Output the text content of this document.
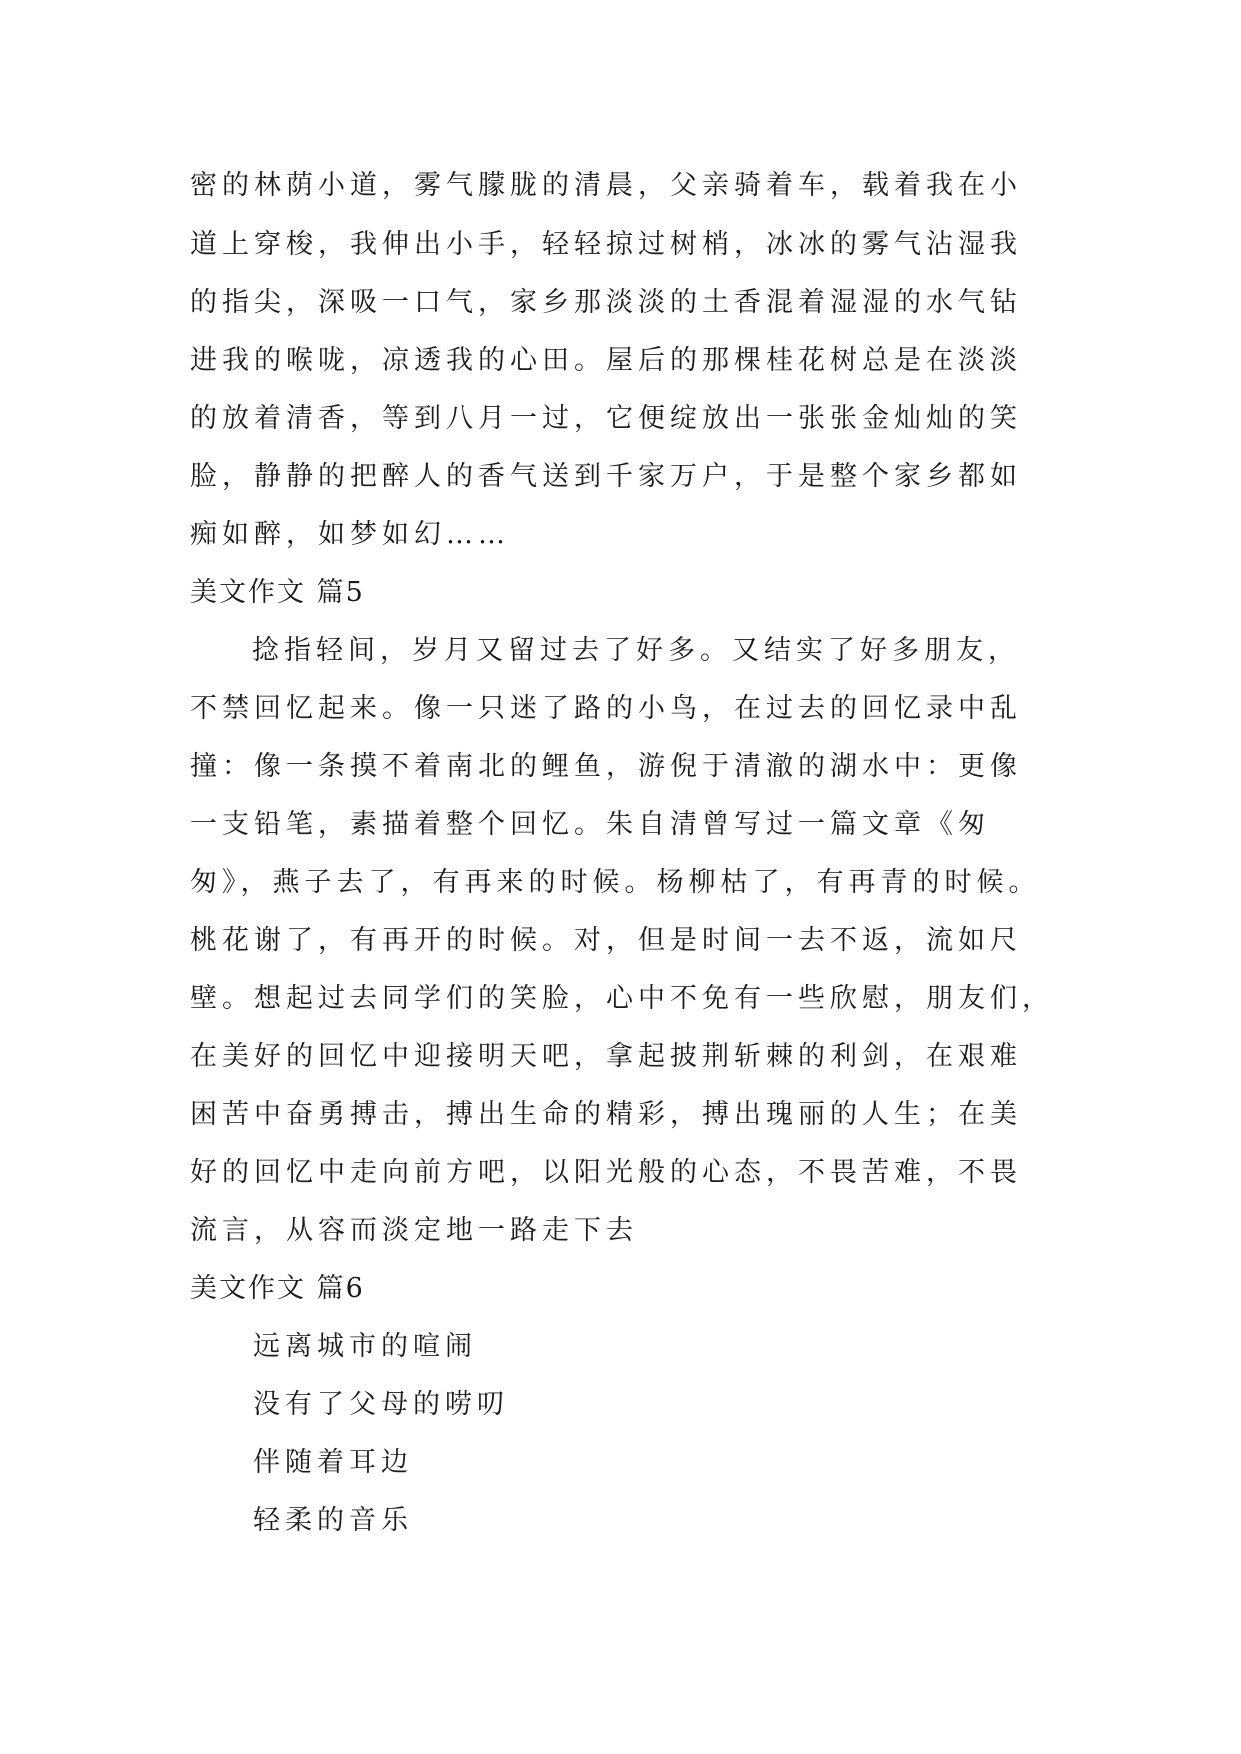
密的林荫小道，雾气朦胧的清晨，父亲骑着车，载着我在小

道上穿梭，我伸出小手，轻轻掠过树梢，冰冰的雾气沾湿我

的指尖，深吸一口气，家乡那淡淡的土香混着湿湿的水气钻

进我的喉咙，凉透我的心田。屋后的那棵桂花树总是在淡淡

的放着清香，等到八月一过，它便绽放出一张张金灿灿的笑

脸，静静的把醉人的香气送到千家万户，于是整个家乡都如

痴如醉，如梦如幻……

美文作文 篇5

捻指轻间，岁月又留过去了好多。又结实了好多朋友，

不禁回忆起来。像一只迷了路的小鸟，在过去的回忆录中乱

撞：像一条摸不着南北的鲤鱼，游倪于清澈的湖水中：更像

一支铅笔，素描着整个回忆。朱自清曾写过一篇文章《匆

匆》，燕子去了，有再来的时候。杨柳枯了，有再青的时候。

桃花谢了，有再开的时候。对，但是时间一去不返，流如尺

壁。想起过去同学们的笑脸，心中不免有一些欣慰，朋友们，

在美好的回忆中迎接明天吧，拿起披荆斩棘的利剑，在艰难

困苦中奋勇搏击，搏出生命的精彩，搏出瑰丽的人生；在美

好的回忆中走向前方吧，以阳光般的心态，不畏苦难，不畏

流言，从容而淡定地一路走下去

美文作文 篇6

远离城市的喧闹

没有了父母的唠叨

伴随着耳边

轻柔的音乐
